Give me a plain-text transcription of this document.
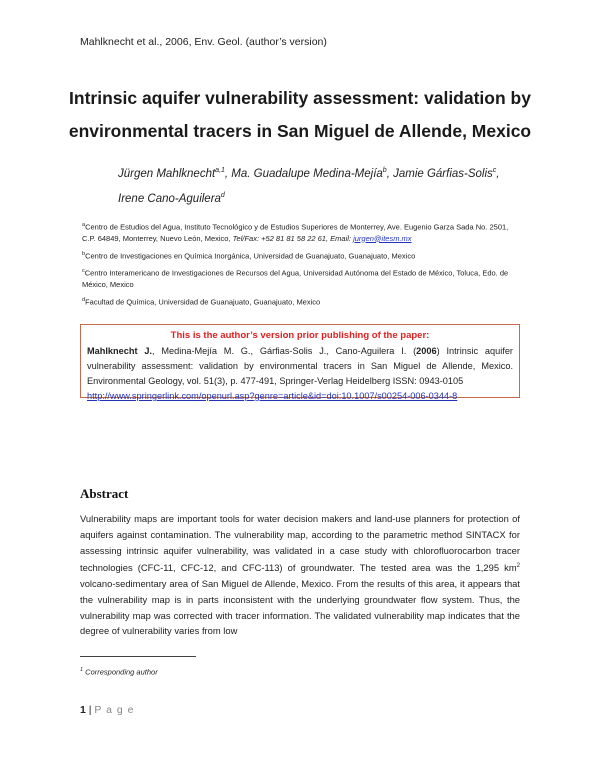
Mahlknecht et al., 2006, Env. Geol. (author’s version)
Intrinsic aquifer vulnerability assessment: validation by
environmental tracers in San Miguel de Allende, Mexico
Jürgen Mahlknecht$^{a,1}$, Ma. Guadalupe Medina-Mejía$^b$, Jamie Gárfias-Solis$^c$, Irene Cano-Aguilera$^d$
$^a$Centro de Estudios del Agua, Instituto Tecnológico y de Estudios Superiores de Monterrey, Ave. Eugenio Garza Sada No. 2501, C.P. 64849, Monterrey, Nuevo León, Mexico, Tel/Fax: +52 81 81 58 22 61, Email: jurgen@itesm.mx
$^b$Centro de Investigaciones en Química Inorgánica, Universidad de Guanajuato, Guanajuato, Mexico
$^c$Centro Interamericano de Investigaciones de Recursos del Agua, Universidad Autónoma del Estado de México, Toluca, Edo. de México, Mexico
$^d$Facultad de Química, Universidad de Guanajuato, Guanajuato, Mexico
This is the author’s version prior publishing of the paper:
Mahlknecht J., Medina-Mejía M. G., Gárfias-Solis J., Cano-Aguilera I. (2006) Intrinsic aquifer vulnerability assessment: validation by environmental tracers in San Miguel de Allende, Mexico. Environmental Geology, vol. 51(3), p. 477-491, Springer-Verlag Heidelberg ISSN: 0943-0105
http://www.springerlink.com/openurl.asp?genre=article&id=doi:10.1007/s00254-006-0344-8
Abstract
Vulnerability maps are important tools for water decision makers and land-use planners for protection of aquifers against contamination. The vulnerability map, according to the parametric method SINTACX for assessing intrinsic aquifer vulnerability, was validated in a case study with chlorofluorocarbon tracer technologies (CFC-11, CFC-12, and CFC-113) of groundwater. The tested area was the 1,295 $km^2$ volcano-sedimentary area of San Miguel de Allende, Mexico. From the results of this area, it appears that the vulnerability map is in parts inconsistent with the underlying groundwater flow system. Thus, the vulnerability map was corrected with tracer information. The validated vulnerability map indicates that the degree of vulnerability varies from low
$^1$ Corresponding author
1 | P a g e
